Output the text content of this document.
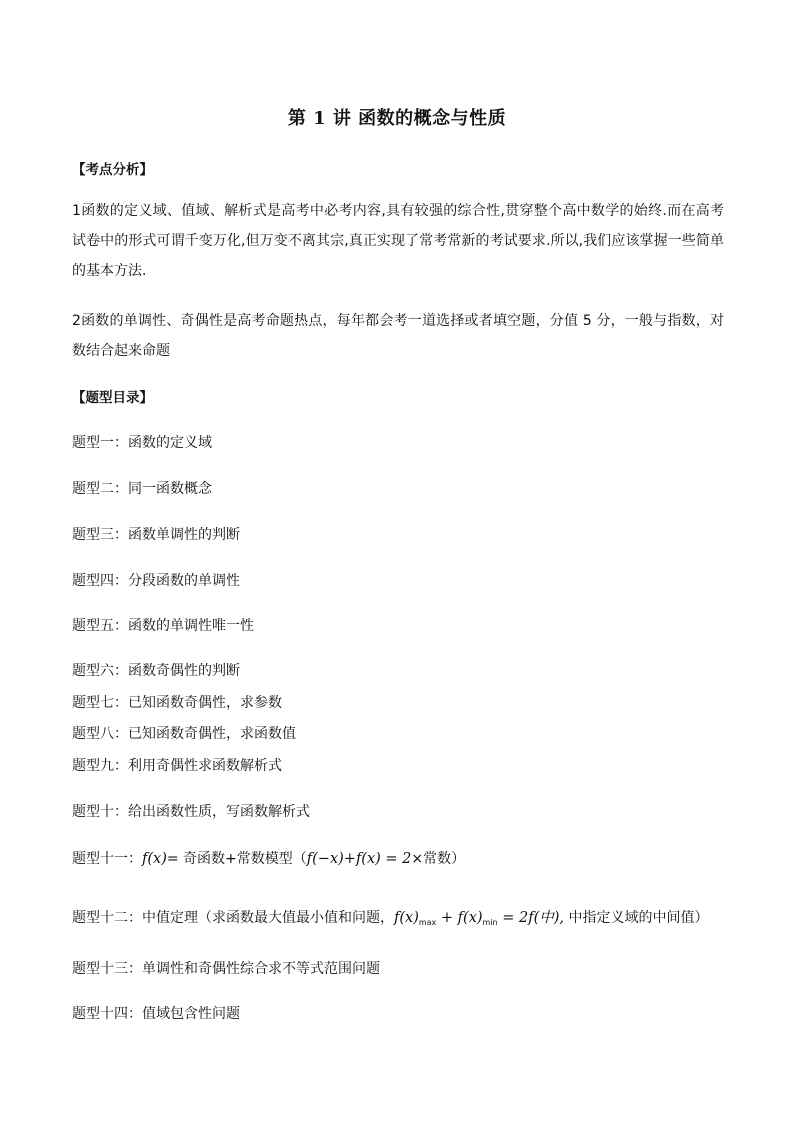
第 1 讲 函数的概念与性质
【考点分析】
1函数的定义域、值域、解析式是高考中必考内容,具有较强的综合性,贯穿整个高中数学的始终.而在高考试卷中的形式可谓千变万化,但万变不离其宗,真正实现了常考常新的考试要求.所以,我们应该掌握一些简单的基本方法.
2函数的单调性、奇偶性是高考命题热点，每年都会考一道选择或者填空题，分值 5 分，一般与指数，对数结合起来命题
【题型目录】
题型一：函数的定义域
题型二：同一函数概念
题型三：函数单调性的判断
题型四：分段函数的单调性
题型五：函数的单调性唯一性
题型六：函数奇偶性的判断
题型七：已知函数奇偶性，求参数
题型八：已知函数奇偶性，求函数值
题型九：利用奇偶性求函数解析式
题型十：给出函数性质，写函数解析式
题型十一：f(x)= 奇函数+常数模型（f(−x)+f(x) = 2×常数）
题型十二：中值定理（求函数最大值最小值和问题，$f(x)_{max} + f(x)_{min} = 2f$(中), 中指定义域的中间值）
题型十三：单调性和奇偶性综合求不等式范围问题
题型十四：值域包含性问题
